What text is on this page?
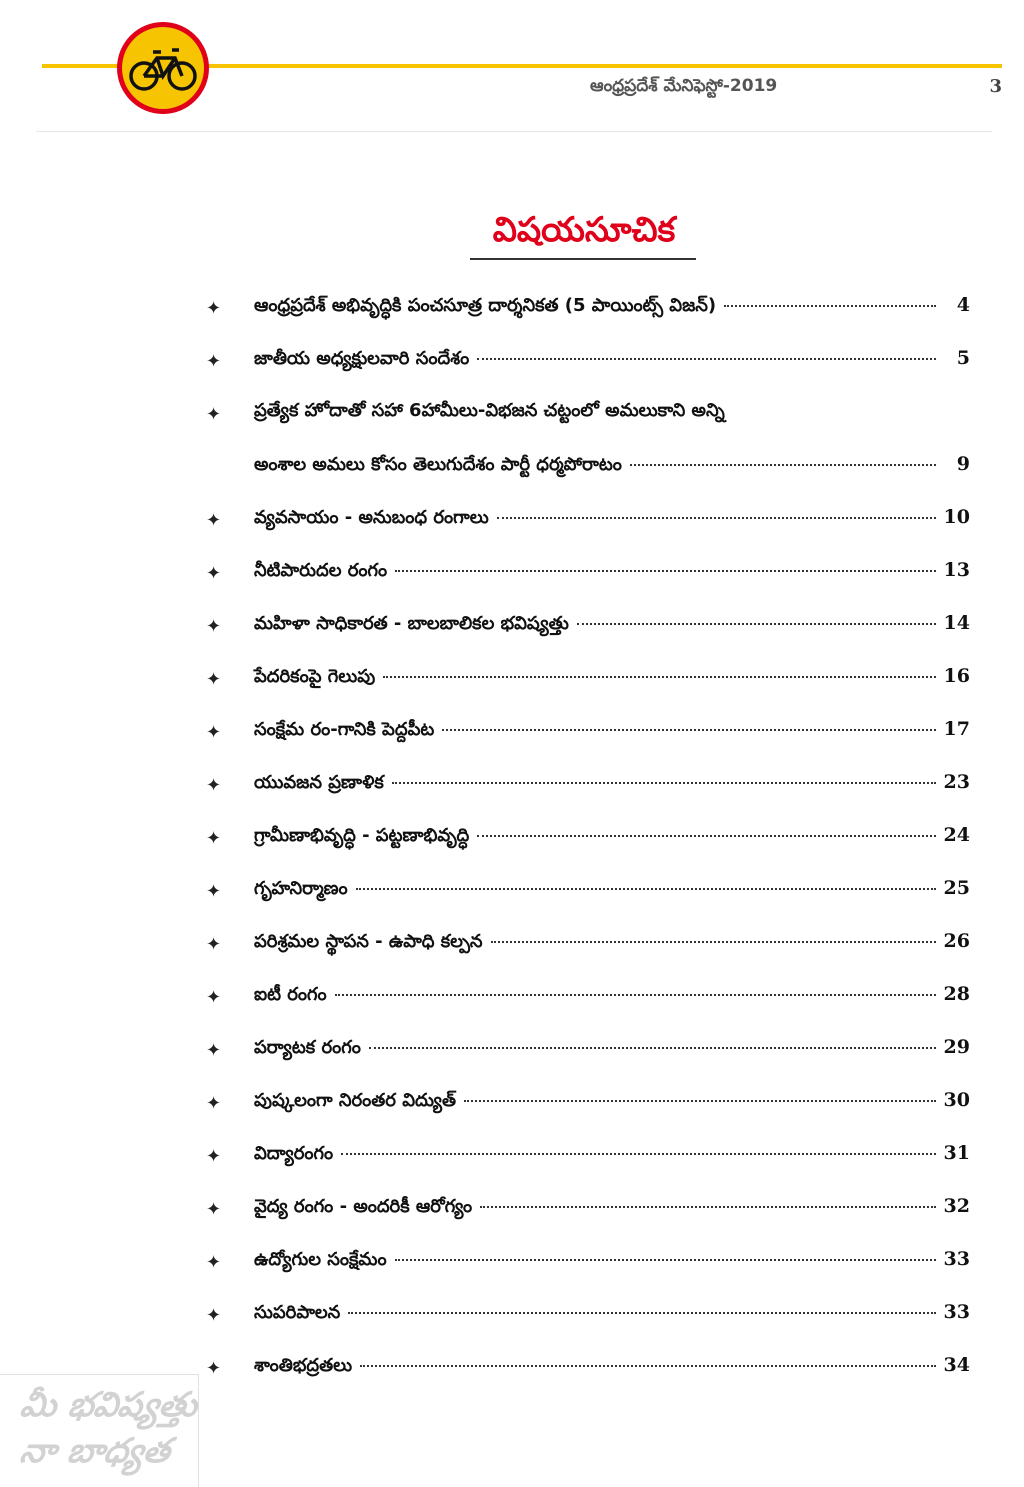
ఆంధ్రప్రదేశ్ మేనిఫెస్టో-2019	3
విషయసూచిక
✦ ఆంధ్రప్రదేశ్ అభివృద్ధికి పంచసూత్ర దార్శనికత (5 పాయింట్స్ విజన్)	4
✦ జాతీయ అధ్యక్షులవారి సందేశం	5
✦ ప్రత్యేక హోదాతో సహా 6హామీలు-విభజన చట్టంలో అమలుకాని అన్ని
అంశాల అమలు కోసం తెలుగుదేశం పార్టీ ధర్మపోరాటం	9
✦ వ్యవసాయం - అనుబంధ రంగాలు	10
✦ నీటిపారుదల రంగం	13
✦ మహిళా సాధికారత - బాలబాలికల భవిష్యత్తు	14
✦ పేదరికంపై గెలుపు	16
✦ సంక్షేమ రం-గానికి పెద్దపీట	17
✦ యువజన ప్రణాళిక	23
✦ గ్రామీణాభివృద్ధి - పట్టణాభివృద్ధి	24
✦ గృహనిర్మాణం	25
✦ పరిశ్రమల స్థాపన - ఉపాధి కల్పన	26
✦ ఐటీ రంగం	28
✦ పర్యాటక రంగం	29
✦ పుష్కలంగా నిరంతర విద్యుత్	30
✦ విద్యారంగం	31
✦ వైద్య రంగం - అందరికీ ఆరోగ్యం	32
✦ ఉద్యోగుల సంక్షేమం	33
✦ సుపరిపాలన	33
✦ శాంతిభద్రతలు	34
మీ భవిష్యత్తు
నా బాధ్యత
